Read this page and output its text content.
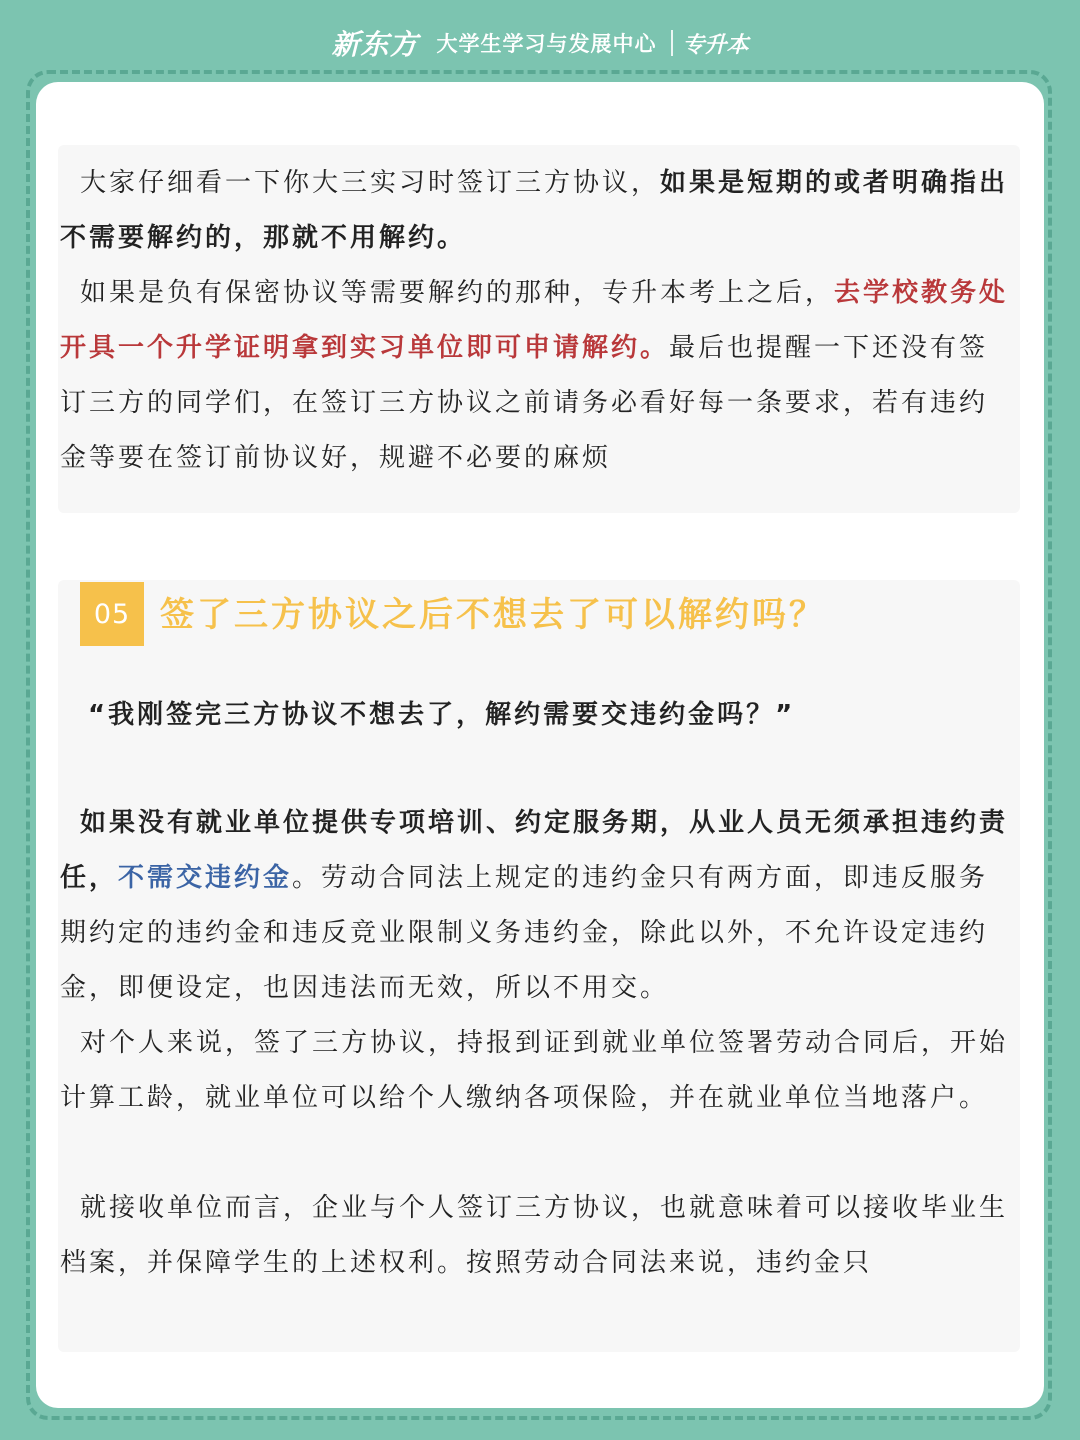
新东方 大学生学习与发展中心 专升本

大家仔细看一下你大三实习时签订三方协议，如果是短期的或者明确指出不需要解约的，那就不用解约。

如果是负有保密协议等需要解约的那种，专升本考上之后，去学校教务处开具一个升学证明拿到实习单位即可申请解约。最后也提醒一下还没有签订三方的同学们，在签订三方协议之前请务必看好每一条要求，若有违约金等要在签订前协议好，规避不必要的麻烦

05 签了三方协议之后不想去了可以解约吗？
“我刚签完三方协议不想去了，解约需要交违约金吗？”

如果没有就业单位提供专项培训、约定服务期，从业人员无须承担违约责任，不需交违约金。劳动合同法上规定的违约金只有两方面，即违反服务期约定的违约金和违反竞业限制义务违约金，除此以外，不允许设定违约金，即便设定，也因违法而无效，所以不用交。

对个人来说，签了三方协议，持报到证到就业单位签署劳动合同后，开始计算工龄，就业单位可以给个人缴纳各项保险，并在就业单位当地落户。

就接收单位而言，企业与个人签订三方协议，也就意味着可以接收毕业生档案，并保障学生的上述权利。按照劳动合同法来说，违约金只
